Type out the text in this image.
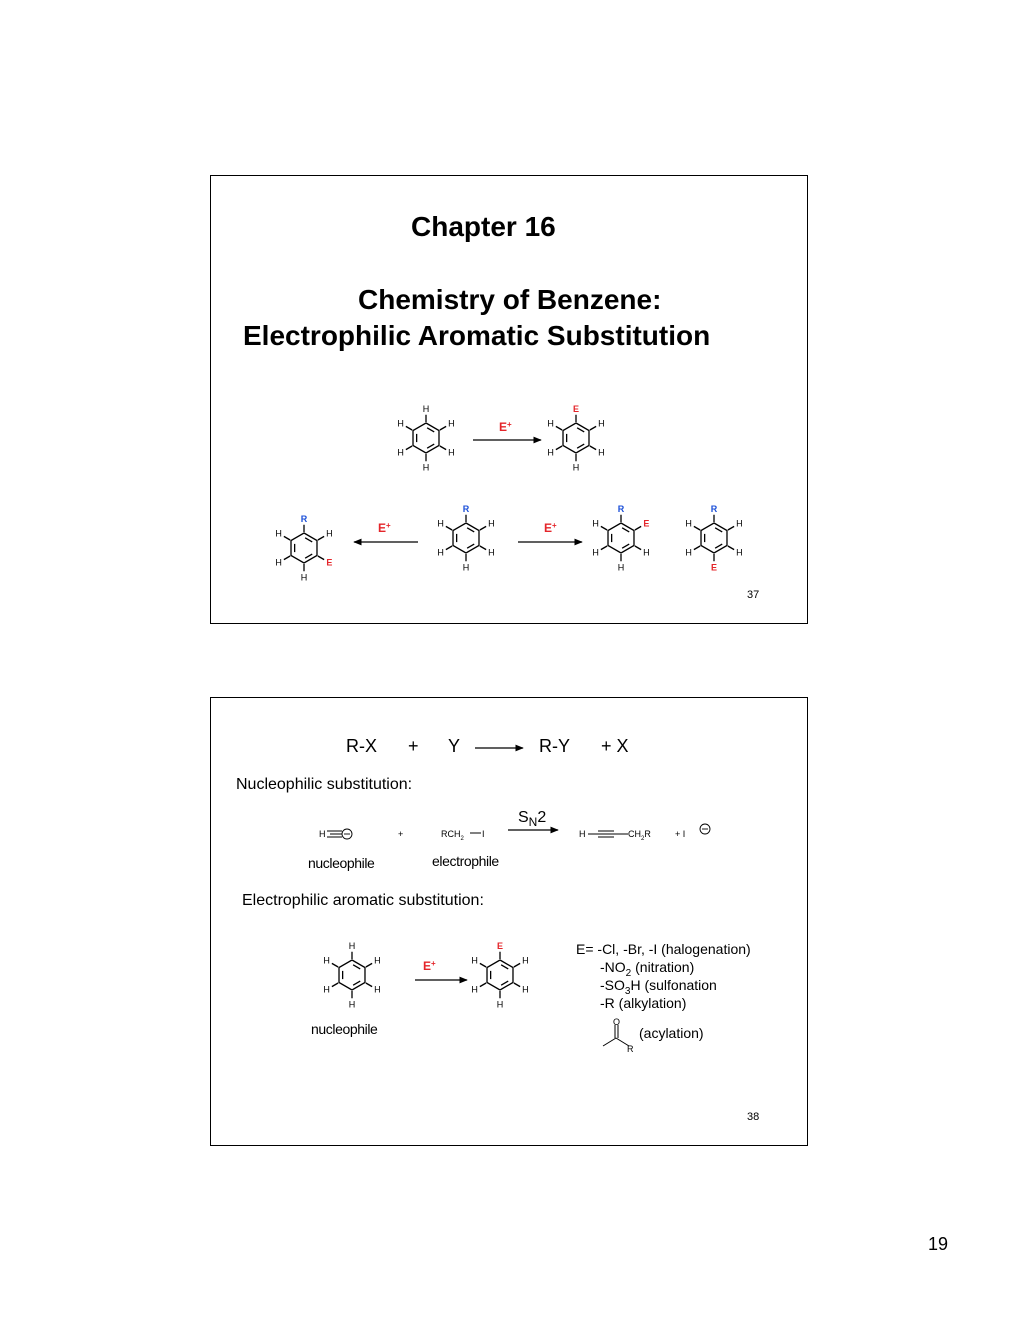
Chapter 16
Chemistry of Benzene:
Electrophilic Aromatic Substitution
H
H
H
H
H
H
E
H
H
H
H
H
R
H
H
H
H
H
R
H
E
H
H
H
R
E
H
H
H
H
R
H
H
E
H
H
E+
E+	E+
37
R-X + Y	R-Y + X
Nucleophilic substitution:
$S_N2$
nucleophile	electrophile
Electrophilic aromatic substitution:
H	+	$RCH_2$ I	H	$CH_2R$	+ I
H
H
H
H
H
H
E
H
H
H
H
H
E+
O
R
nucleophile
E= -Cl, -Br, -I (halogenation)
$-NO_2$ (nitration)
$-SO_3H$ (sulfonation
-R (alkylation)
(acylation)
38
19
